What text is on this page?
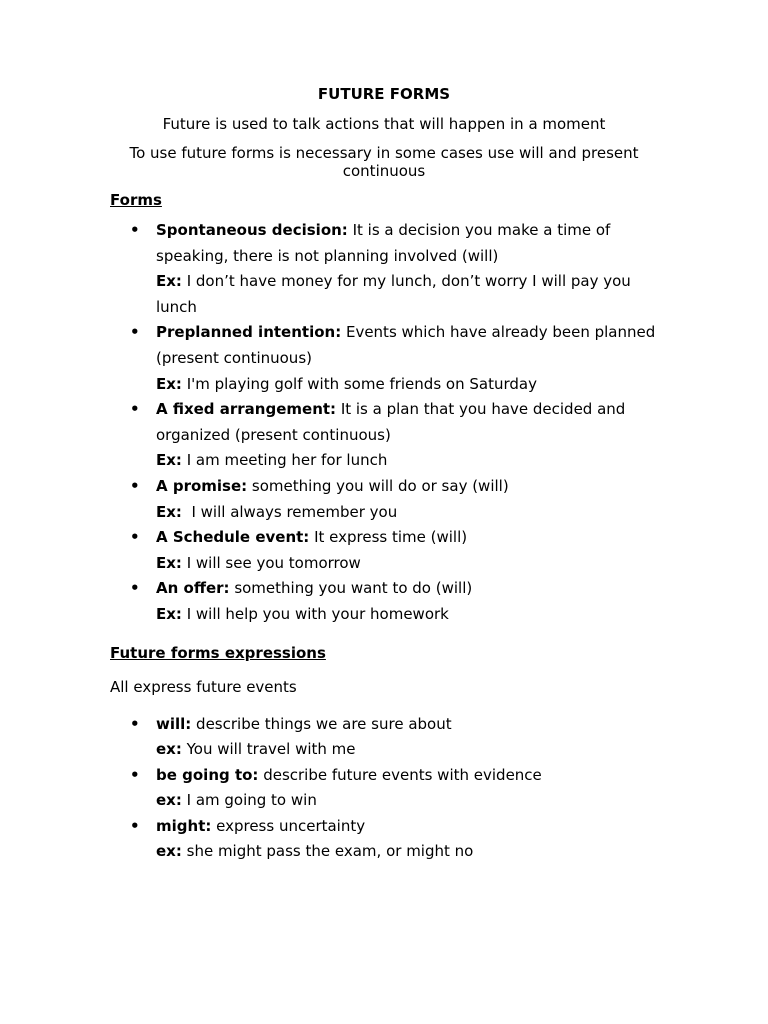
FUTURE FORMS

Future is used to talk actions that will happen in a moment

To use future forms is necessary in some cases use will and present continuous

Forms

• Spontaneous decision: It is a decision you make a time of speaking, there is not planning involved (will)
Ex: I don’t have money for my lunch, don’t worry I will pay you lunch
• Preplanned intention: Events which have already been planned (present continuous)
Ex: I'm playing golf with some friends on Saturday
• A fixed arrangement: It is a plan that you have decided and organized (present continuous)
Ex: I am meeting her for lunch
• A promise: something you will do or say (will)
Ex:  I will always remember you
• A Schedule event: It express time (will)
Ex: I will see you tomorrow
• An offer: something you want to do (will)
Ex: I will help you with your homework

Future forms expressions

All express future events

• will: describe things we are sure about
ex: You will travel with me
• be going to: describe future events with evidence
ex: I am going to win
• might: express uncertainty
ex: she might pass the exam, or might no
